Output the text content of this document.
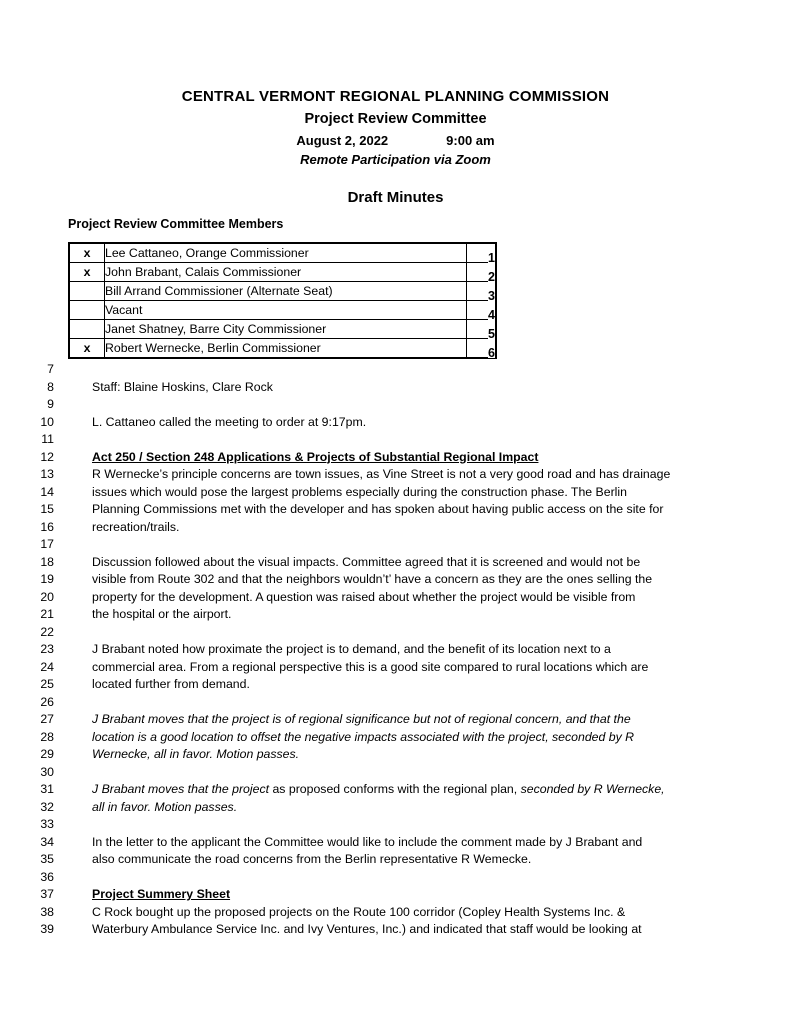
CENTRAL VERMONT REGIONAL PLANNING COMMISSION
Project Review Committee
August 2, 2022	9:00 am
Remote Participation via Zoom
Draft Minutes
Project Review Committee Members
x	Lee Cattaneo, Orange Commissioner	1
x	John Brabant, Calais Commissioner	2
	Bill Arrand Commissioner (Alternate Seat)	3
	Vacant	4
	Janet Shatney, Barre City Commissioner	5
x	Robert Wernecke, Berlin Commissioner	6
7
8	Staff: Blaine Hoskins, Clare Rock
9
10	L. Cattaneo called the meeting to order at 9:17pm.
11
12	Act 250 / Section 248 Applications & Projects of Substantial Regional Impact
13	R Wernecke’s principle concerns are town issues, as Vine Street is not a very good road and has drainage
14	issues which would pose the largest problems especially during the construction phase. The Berlin
15	Planning Commissions met with the developer and has spoken about having public access on the site for
16	recreation/trails.
17
18	Discussion followed about the visual impacts. Committee agreed that it is screened and would not be
19	visible from Route 302 and that the neighbors wouldn’t’ have a concern as they are the ones selling the
20	property for the development. A question was raised about whether the project would be visible from
21	the hospital or the airport.
22
23	J Brabant noted how proximate the project is to demand, and the benefit of its location next to a
24	commercial area. From a regional perspective this is a good site compared to rural locations which are
25	located further from demand.
26
27	J Brabant moves that the project is of regional significance but not of regional concern, and that the
28	location is a good location to offset the negative impacts associated with the project, seconded by R
29	Wernecke, all in favor. Motion passes.
30
31	J Brabant moves that the project as proposed conforms with the regional plan, seconded by R Wernecke,
32	all in favor. Motion passes.
33
34	In the letter to the applicant the Committee would like to include the comment made by J Brabant and
35	also communicate the road concerns from the Berlin representative R Wemecke.
36
37	Project Summery Sheet
38	C Rock bought up the proposed projects on the Route 100 corridor (Copley Health Systems Inc. &
39	Waterbury Ambulance Service Inc. and Ivy Ventures, Inc.) and indicated that staff would be looking at
